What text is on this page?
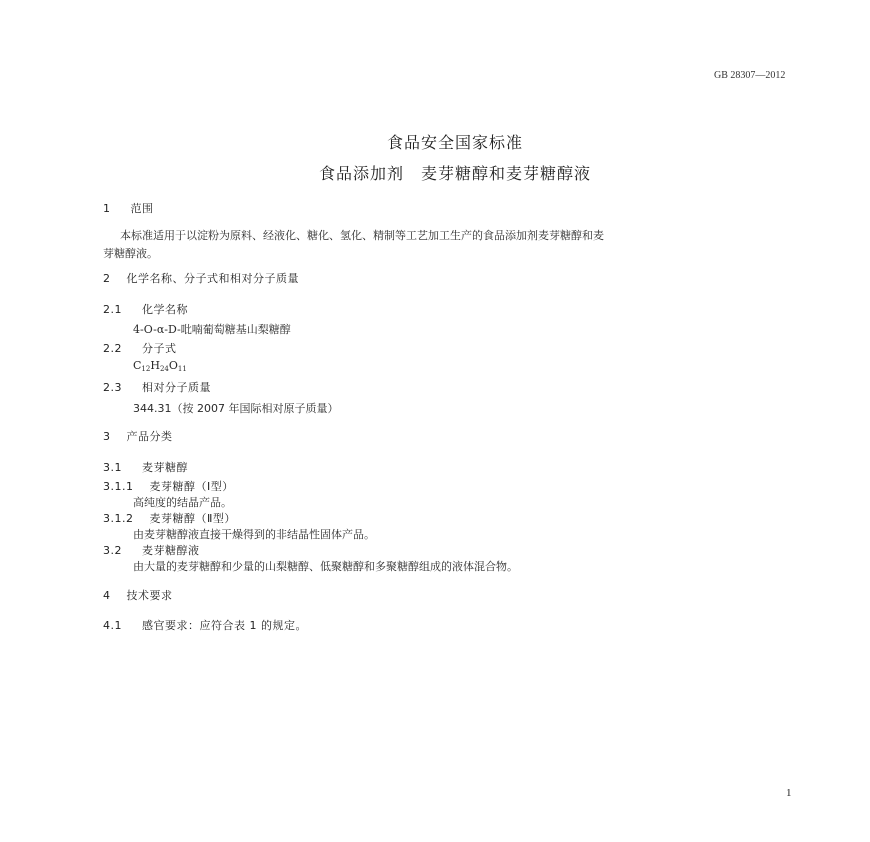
GB 28307—2012
食品安全国家标准
食品添加剂　麦芽糖醇和麦芽糖醇液
1 范围
本标准适用于以淀粉为原料、经液化、糖化、氢化、精制等工艺加工生产的食品添加剂麦芽糖醇和麦
芽糖醇液。
2 化学名称、分子式和相对分子质量
2.1 化学名称
4-O-α-D-吡喃葡萄糖基山梨糖醇
2.2 分子式
$C_{12}H_{24}O_{11}$
2.3 相对分子质量
344.31（按 2007 年国际相对原子质量）
3 产品分类
3.1 麦芽糖醇
3.1.1 麦芽糖醇（Ⅰ型）
高纯度的结晶产品。
3.1.2 麦芽糖醇（Ⅱ型）
由麦芽糖醇液直接干燥得到的非结晶性固体产品。
3.2 麦芽糖醇液
由大量的麦芽糖醇和少量的山梨糖醇、低聚糖醇和多聚糖醇组成的液体混合物。
4 技术要求
4.1 感官要求：应符合表 1 的规定。
1
